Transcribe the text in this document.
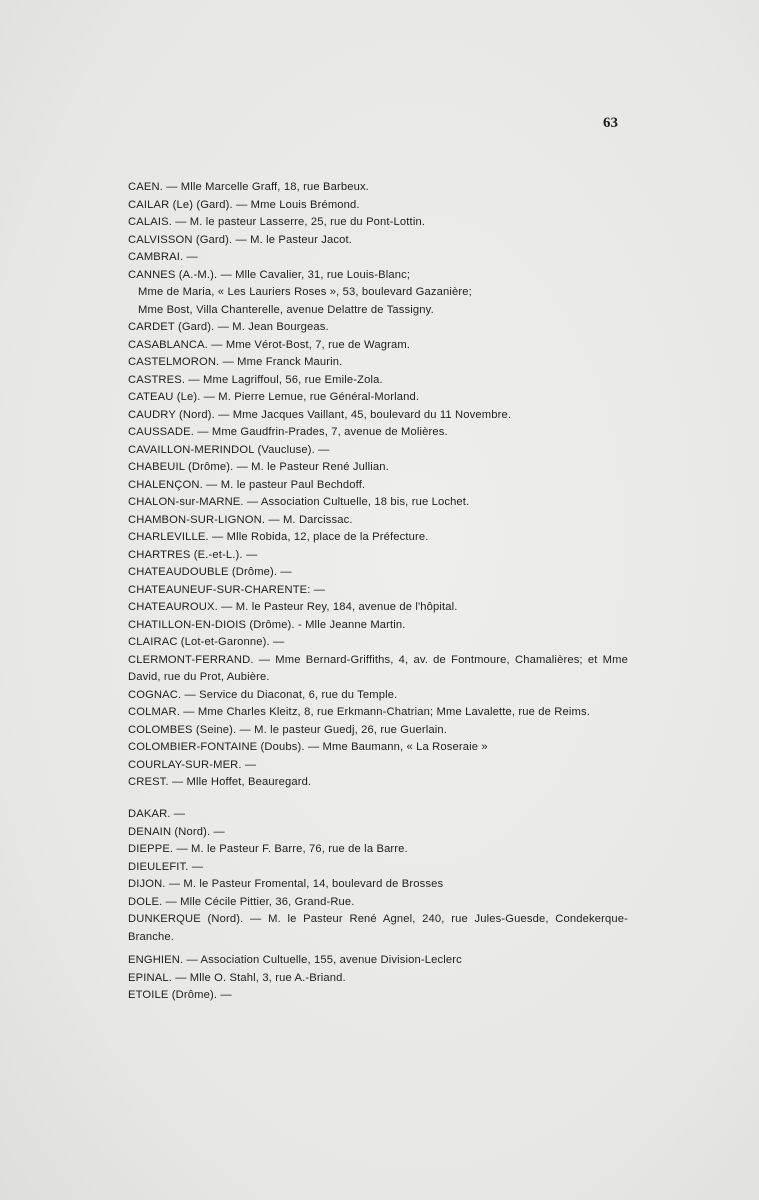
63

CAEN. — Mlle Marcelle Graff, 18, rue Barbeux.

CAILAR (Le) (Gard). — Mme Louis Brémond.

CALAIS. — M. le pasteur Lasserre, 25, rue du Pont-Lottin.

CALVISSON (Gard). — M. le Pasteur Jacot.

CAMBRAI. —

CANNES (A.-M.). — Mlle Cavalier, 31, rue Louis-Blanc;

Mme de Maria, « Les Lauriers Roses », 53, boulevard Gazanière;

Mme Bost, Villa Chanterelle, avenue Delattre de Tassigny.

CARDET (Gard). — M. Jean Bourgeas.

CASABLANCA. — Mme Vérot-Bost, 7, rue de Wagram.

CASTELMORON. — Mme Franck Maurin.

CASTRES. — Mme Lagriffoul, 56, rue Emile-Zola.

CATEAU (Le). — M. Pierre Lemue, rue Général-Morland.

CAUDRY (Nord). — Mme Jacques Vaillant, 45, boulevard du 11 Novembre.

CAUSSADE. — Mme Gaudfrin-Prades, 7, avenue de Molières.

CAVAILLON-MERINDOL (Vaucluse). —

CHABEUIL (Drôme). — M. le Pasteur René Jullian.

CHALENÇON. — M. le pasteur Paul Bechdoff.

CHALON-sur-MARNE. — Association Cultuelle, 18 bis, rue Lochet.

CHAMBON-SUR-LIGNON. — M. Darcissac.

CHARLEVILLE. — Mlle Robida, 12, place de la Préfecture.

CHARTRES (E.-et-L.). —

CHATEAUDOUBLE (Drôme). —

CHATEAUNEUF-SUR-CHARENTE: —

CHATEAUROUX. — M. le Pasteur Rey, 184, avenue de l'hôpital.

CHATILLON-EN-DIOIS (Drôme). - Mlle Jeanne Martin.

CLAIRAC (Lot-et-Garonne). —

CLERMONT-FERRAND. — Mme Bernard-Griffiths, 4, av. de Fontmoure, Chamalières; et Mme David, rue du Prot, Aubière.

COGNAC. — Service du Diaconat, 6, rue du Temple.

COLMAR. — Mme Charles Kleitz, 8, rue Erkmann-Chatrian; Mme Lavalette, rue de Reims.

COLOMBES (Seine). — M. le pasteur Guedj, 26, rue Guerlain.

COLOMBIER-FONTAINE (Doubs). — Mme Baumann, « La Roseraie »

COURLAY-SUR-MER. —

CREST. — Mlle Hoffet, Beauregard.

DAKAR. —

DENAIN (Nord). —

DIEPPE. — M. le Pasteur F. Barre, 76, rue de la Barre.

DIEULEFIT. —

DIJON. — M. le Pasteur Fromental, 14, boulevard de Brosses

DOLE. — Mlle Cécile Pittier, 36, Grand-Rue.

DUNKERQUE (Nord). — M. le Pasteur René Agnel, 240, rue Jules-Guesde, Condekerque-Branche.

ENGHIEN. — Association Cultuelle, 155, avenue Division-Leclerc

EPINAL. — Mlle O. Stahl, 3, rue A.-Briand.

ETOILE (Drôme). —
